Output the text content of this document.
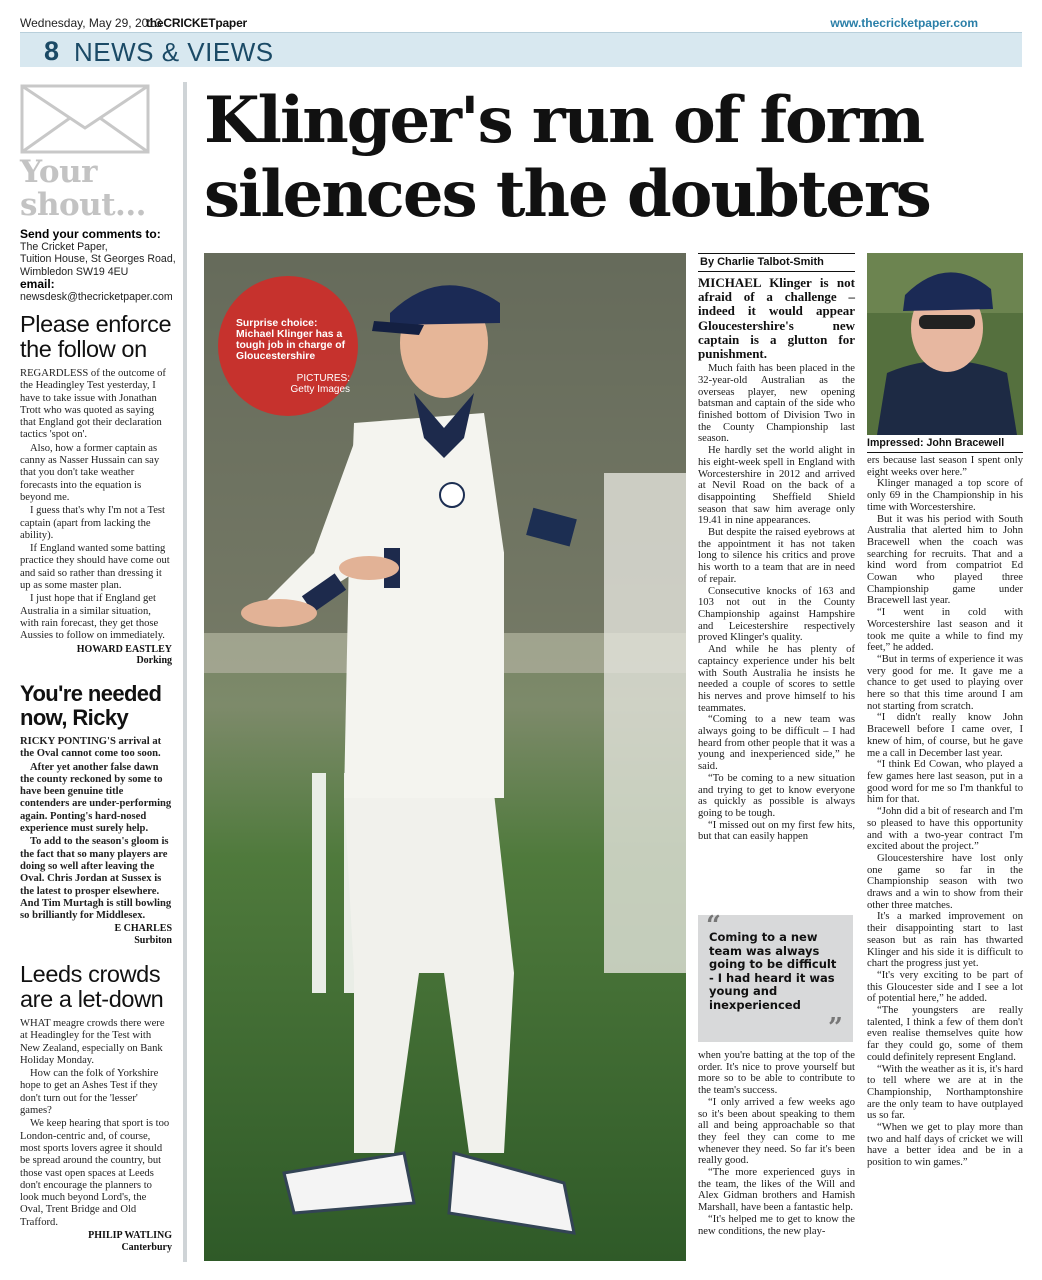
Wednesday, May 29, 2013
theCRICKETpaper	www.thecricketpaper.com
8 NEWS & VIEWS
Your
shout...
Send your comments to:
The Cricket Paper,
Tuition House, St Georges Road,
Wimbledon SW19 4EU
email:
newsdesk@thecricketpaper.com
Please enforce
the follow on

REGARDLESS of the outcome of the Headingley Test yesterday, I have to take issue with Jonathan Trott who was quoted as saying that England got their declaration tactics 'spot on'.

Also, how a former captain as canny as Nasser Hussain can say that you don't take weather forecasts into the equation is beyond me.

I guess that's why I'm not a Test captain (apart from lacking the ability).

If England wanted some batting practice they should have come out and said so rather than dressing it up as some master plan.

I just hope that if England get Australia in a similar situation, with rain forecast, they get those Aussies to follow on immediately.

HOWARD EASTLEY
Dorking
You're needed
now, Ricky

RICKY PONTING'S arrival at the Oval cannot come too soon.

After yet another false dawn the county reckoned by some to have been genuine title contenders are under-performing again. Ponting's hard-nosed experience must surely help.

To add to the season's gloom is the fact that so many players are doing so well after leaving the Oval. Chris Jordan at Sussex is the latest to prosper elsewhere. And Tim Murtagh is still bowling so brilliantly for Middlesex.

E CHARLES
Surbiton
Leeds crowds
are a let-down

WHAT meagre crowds there were at Headingley for the Test with New Zealand, especially on Bank Holiday Monday.

How can the folk of Yorkshire hope to get an Ashes Test if they don't turn out for the 'lesser' games?

We keep hearing that sport is too London-centric and, of course, most sports lovers agree it should be spread around the country, but those vast open spaces at Leeds don't encourage the planners to look much beyond Lord's, the Oval, Trent Bridge and Old Trafford.

PHILIP WATLING
Canterbury
Klinger's run of form
silences the doubters
Surprise choice: Michael Klinger has a tough job in charge of Gloucestershire
PICTURES:
Getty Images
By Charlie Talbot-Smith
MICHAEL Klinger is not afraid of a challenge – indeed it would appear Gloucestershire's new captain is a glutton for punishment.

Much faith has been placed in the 32-year-old Australian as the overseas player, new opening batsman and captain of the side who finished bottom of Division Two in the County Championship last season.

He hardly set the world alight in his eight-week spell in England with Worcestershire in 2012 and arrived at Nevil Road on the back of a disappointing Sheffield Shield season that saw him average only 19.41 in nine appearances.

But despite the raised eyebrows at the appointment it has not taken long to silence his critics and prove his worth to a team that are in need of repair.

Consecutive knocks of 163 and 103 not out in the County Championship against Hampshire and Leicestershire respectively proved Klinger's quality.

And while he has plenty of captaincy experience under his belt with South Australia he insists he needed a couple of scores to settle his nerves and prove himself to his teammates.

“Coming to a new team was always going to be difficult – I had heard from other people that it was a young and inexperienced side,” he said.

“To be coming to a new situation and trying to get to know everyone as quickly as possible is always going to be tough.

“I missed out on my first few hits, but that can easily happen

“
Coming to a new team was always going to be difficult - I had heard it was young and inexperienced
”

when you're batting at the top of the order. It's nice to prove yourself but more so to be able to contribute to the team's success.

“I only arrived a few weeks ago so it's been about speaking to them all and being approachable so that they feel they can come to me whenever they need. So far it's been really good.

“The more experienced guys in the team, the likes of the Will and Alex Gidman brothers and Hamish Marshall, have been a fantastic help.

“It's helped me to get to know the new conditions, the new play-

Impressed: John Bracewell

ers because last season I spent only eight weeks over here.”

Klinger managed a top score of only 69 in the Championship in his time with Worcestershire.

But it was his period with South Australia that alerted him to John Bracewell when the coach was searching for recruits. That and a kind word from compatriot Ed Cowan who played three Championship game under Bracewell last year.

“I went in cold with Worcestershire last season and it took me quite a while to find my feet,” he added.

“But in terms of experience it was very good for me. It gave me a chance to get used to playing over here so that this time around I am not starting from scratch.

“I didn't really know John Bracewell before I came over, I knew of him, of course, but he gave me a call in December last year.

“I think Ed Cowan, who played a few games here last season, put in a good word for me so I'm thankful to him for that.

“John did a bit of research and I'm so pleased to have this opportunity and with a two-year contract I'm excited about the project.”

Gloucestershire have lost only one game so far in the Championship season with two draws and a win to show from their other three matches.

It's a marked improvement on their disappointing start to last season but as rain has thwarted Klinger and his side it is difficult to chart the progress just yet.

“It's very exciting to be part of this Gloucester side and I see a lot of potential here,” he added.

“The youngsters are really talented, I think a few of them don't even realise themselves quite how far they could go, some of them could definitely represent England.

“With the weather as it is, it's hard to tell where we are at in the Championship, Northamptonshire are the only team to have outplayed us so far.

“When we get to play more than two and half days of cricket we will have a better idea and be in a position to win games.”
